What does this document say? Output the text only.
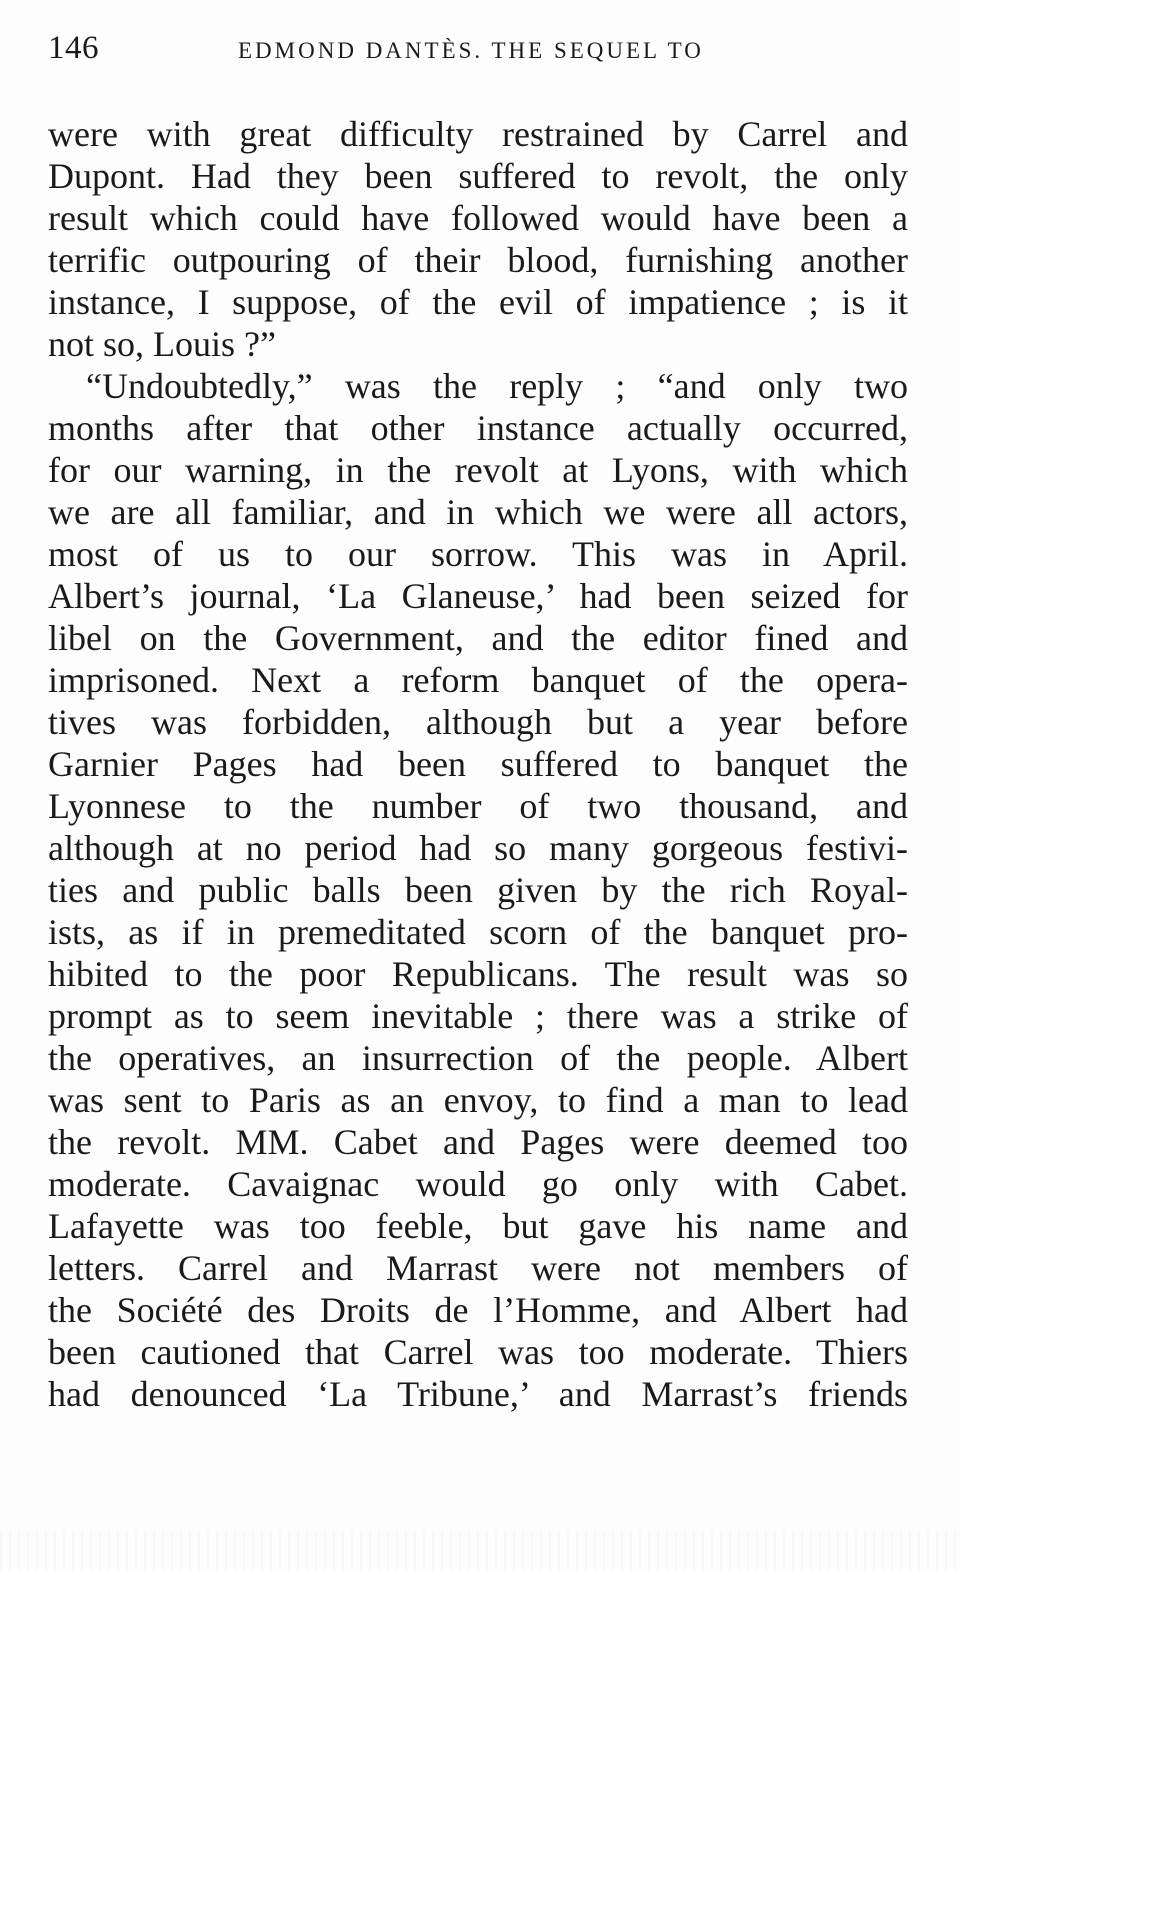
146	EDMOND DANTÈS. THE SEQUEL TO
were with great difficulty restrained by Carrel and
Dupont. Had they been suffered to revolt, the only
result which could have followed would have been a
terrific outpouring of their blood, furnishing another
instance, I suppose, of the evil of impatience ; is it
not so, Louis ?”
“Undoubtedly,” was the reply ; “and only two
months after that other instance actually occurred,
for our warning, in the revolt at Lyons, with which
we are all familiar, and in which we were all actors,
most of us to our sorrow. This was in April.
Albert’s journal, ‘La Glaneuse,’ had been seized for
libel on the Government, and the editor fined and
imprisoned. Next a reform banquet of the opera-
tives was forbidden, although but a year before
Garnier Pages had been suffered to banquet the
Lyonnese to the number of two thousand, and
although at no period had so many gorgeous festivi-
ties and public balls been given by the rich Royal-
ists, as if in premeditated scorn of the banquet pro-
hibited to the poor Republicans. The result was so
prompt as to seem inevitable ; there was a strike of
the operatives, an insurrection of the people. Albert
was sent to Paris as an envoy, to find a man to lead
the revolt. MM. Cabet and Pages were deemed too
moderate. Cavaignac would go only with Cabet.
Lafayette was too feeble, but gave his name and
letters. Carrel and Marrast were not members of
the Société des Droits de l’Homme, and Albert had
been cautioned that Carrel was too moderate. Thiers
had denounced ‘La Tribune,’ and Marrast’s friends
